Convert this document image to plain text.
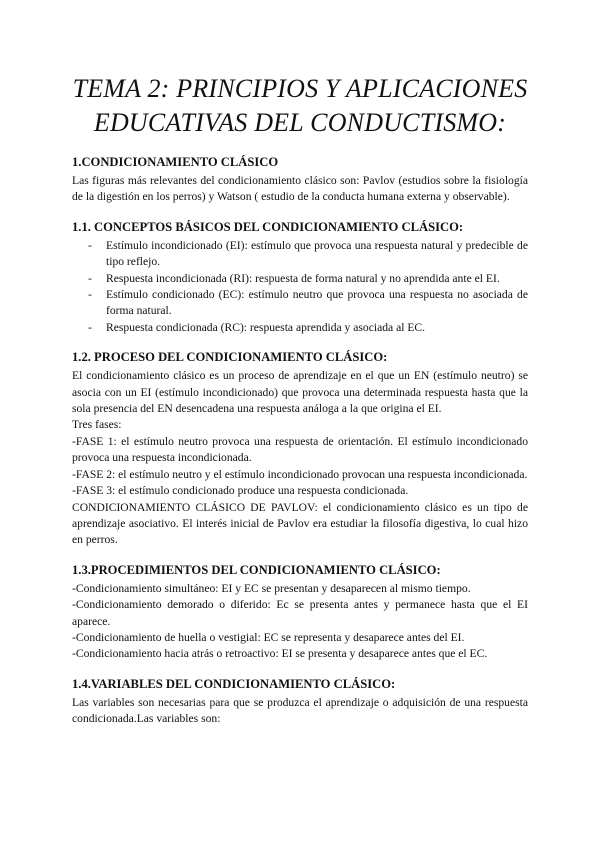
TEMA 2: PRINCIPIOS Y APLICACIONES
EDUCATIVAS DEL CONDUCTISMO:
1.CONDICIONAMIENTO CLÁSICO

Las figuras más relevantes del condicionamiento clásico son: Pavlov (estudios sobre la fisiología de la digestión en los perros) y Watson ( estudio de la conducta humana externa y observable).

1.1. CONCEPTOS BÁSICOS DEL CONDICIONAMIENTO CLÁSICO:
- Estímulo incondicionado (EI): estímulo que provoca una respuesta natural y predecible de tipo reflejo.
- Respuesta incondicionada (RI): respuesta de forma natural y no aprendida ante el EI.
- Estímulo condicionado (EC): estímulo neutro que provoca una respuesta no asociada de forma natural.
- Respuesta condicionada (RC): respuesta aprendida y asociada al EC.
1.2. PROCESO DEL CONDICIONAMIENTO CLÁSICO:

El condicionamiento clásico es un proceso de aprendizaje en el que un EN (estímulo neutro) se asocia con un EI (estímulo incondicionado) que provoca una determinada respuesta hasta que la sola presencia del EN desencadena una respuesta análoga a la que origina el EI.

Tres fases:

-FASE 1: el estímulo neutro provoca una respuesta de orientación. El estímulo incondicionado provoca una respuesta incondicionada.

-FASE 2: el estímulo neutro y el estímulo incondicionado provocan una respuesta incondicionada.

-FASE 3: el estímulo condicionado produce una respuesta condicionada.

CONDICIONAMIENTO CLÁSICO DE PAVLOV: el condicionamiento clásico es un tipo de aprendizaje asociativo. El interés inicial de Pavlov era estudiar la filosofía digestiva, lo cual hizo en perros.

1.3.PROCEDIMIENTOS DEL CONDICIONAMIENTO CLÁSICO:

-Condicionamiento simultáneo: EI y EC se presentan y desaparecen al mismo tiempo.

-Condicionamiento demorado o diferido: Ec se presenta antes y permanece hasta que el EI aparece.

-Condicionamiento de huella o vestigial: EC se representa y desaparece antes del EI.

-Condicionamiento hacia atrás o retroactivo: EI se presenta y desaparece antes que el EC.

1.4.VARIABLES DEL CONDICIONAMIENTO CLÁSICO:

Las variables son necesarias para que se produzca el aprendizaje o adquisición de una respuesta condicionada.Las variables son:
